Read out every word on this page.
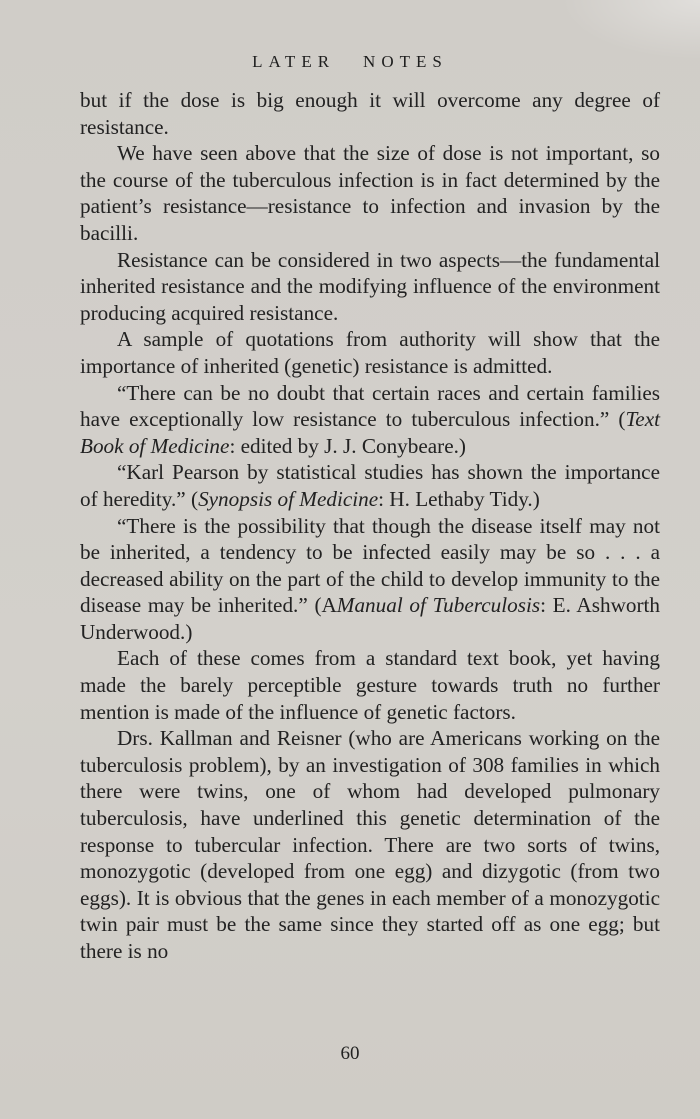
LATER NOTES

but if the dose is big enough it will overcome any degree of resistance.

We have seen above that the size of dose is not important, so the course of the tuberculous infection is in fact determined by the patient’s resistance—resistance to infection and invasion by the bacilli.

Resistance can be considered in two aspects—the fundamental inherited resistance and the modifying influence of the environment producing acquired resistance.

A sample of quotations from authority will show that the importance of inherited (genetic) resistance is admitted.

“There can be no doubt that certain races and certain families have exceptionally low resistance to tuberculous infection.” (Text Book of Medicine: edited by J. J. Conybeare.)

“Karl Pearson by statistical studies has shown the importance of heredity.” (Synopsis of Medicine: H. Lethaby Tidy.)

“There is the possibility that though the disease itself may not be inherited, a tendency to be infected easily may be so . . . a decreased ability on the part of the child to develop immunity to the disease may be inherited.” (AManual of Tuberculosis: E. Ashworth Underwood.)

Each of these comes from a standard text book, yet having made the barely perceptible gesture towards truth no further mention is made of the influence of genetic factors.

Drs. Kallman and Reisner (who are Americans working on the tuberculosis problem), by an investigation of 308 families in which there were twins, one of whom had developed pulmonary tuberculosis, have underlined this genetic determination of the response to tubercular infection. There are two sorts of twins, monozygotic (developed from one egg) and dizygotic (from two eggs). It is obvious that the genes in each member of a monozygotic twin pair must be the same since they started off as one egg; but there is no

60
